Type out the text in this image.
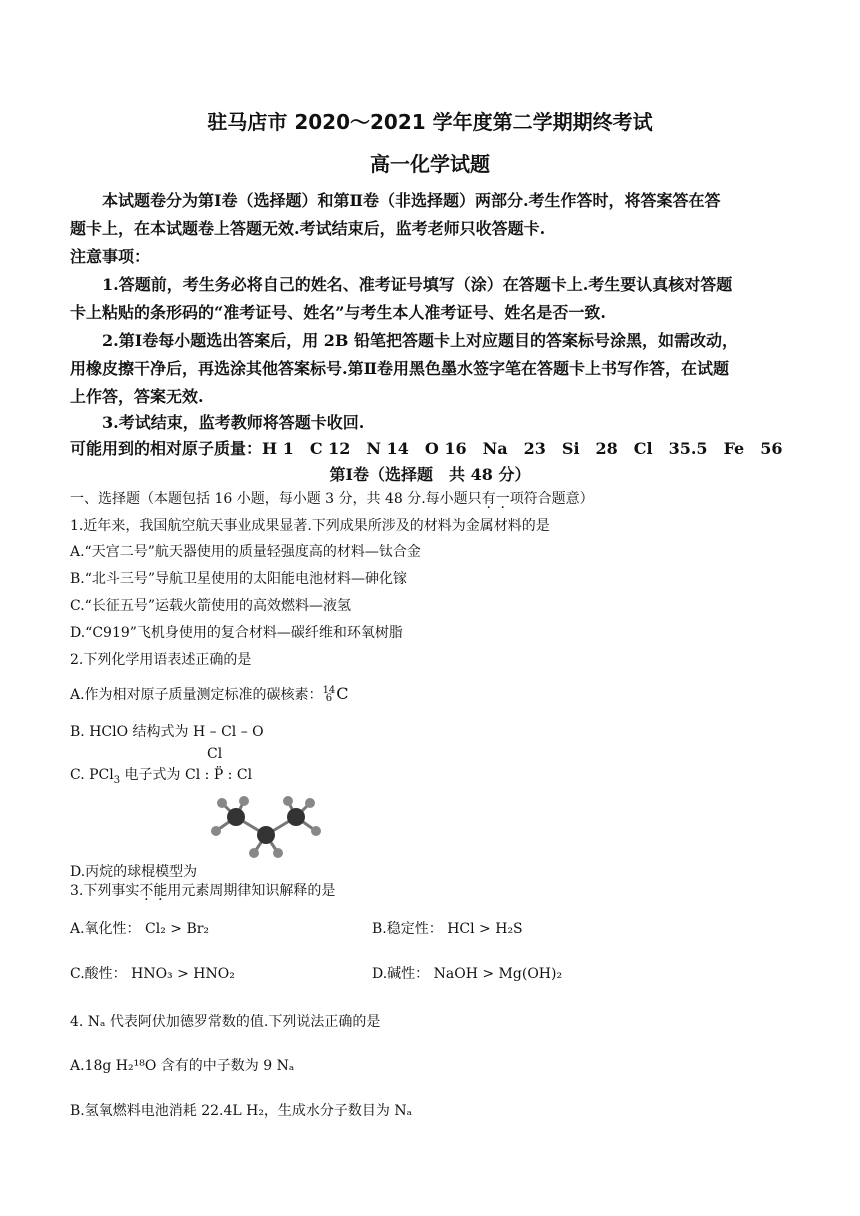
驻马店市 2020～2021 学年度第二学期期终考试
高一化学试题
本试题卷分为第Ⅰ卷（选择题）和第Ⅱ卷（非选择题）两部分.考生作答时，将答案答在答
题卡上，在本试题卷上答题无效.考试结束后，监考老师只收答题卡.
注意事项：
1.答题前，考生务必将自己的姓名、准考证号填写（涂）在答题卡上.考生要认真核对答题
卡上粘贴的条形码的“准考证号、姓名”与考生本人准考证号、姓名是否一致.
2.第Ⅰ卷每小题选出答案后，用 2B 铅笔把答题卡上对应题目的答案标号涂黑，如需改动，
用橡皮擦干净后，再选涂其他答案标号.第Ⅱ卷用黑色墨水签字笔在答题卡上书写作答，在试题
上作答，答案无效.
3.考试结束，监考教师将答题卡收回.
可能用到的相对原子质量：H 1　C 12　N 14　O 16　Na　23　Si　28　Cl　35.5　Fe　56
第Ⅰ卷（选择题　共 48 分）
一、选择题（本题包括 16 小题，每小题 3 分，共 48 分.每小题只有一项符合题意）
1.近年来，我国航空航天事业成果显著.下列成果所涉及的材料为金属材料的是
A.“天宫二号”航天器使用的质量轻强度高的材料—钛合金
B.“北斗三号”导航卫星使用的太阳能电池材料—砷化镓
C.“长征五号”运载火箭使用的高效燃料—液氢
D.“C919”飞机身使用的复合材料—碳纤维和环氧树脂
2.下列化学用语表述正确的是
A.作为相对原子质量测定标准的碳核素：14
6 C
B. HClO 结构式为 H – Cl – O
Cl
C. PCl$_3$ 电子式为 Cl : P̈ : Cl
D.丙烷的球棍模型为
3.下列事实不能用元素周期律知识解释的是
A.氧化性： Cl₂ > Br₂	B.稳定性： HCl > H₂S
C.酸性： HNO₃ > HNO₂	D.碱性： NaOH > Mg(OH)₂
4. Nₐ 代表阿伏加德罗常数的值.下列说法正确的是
A.18g H₂¹⁸O 含有的中子数为 9 Nₐ
B.氢氧燃料电池消耗 22.4L H₂，生成水分子数目为 Nₐ
